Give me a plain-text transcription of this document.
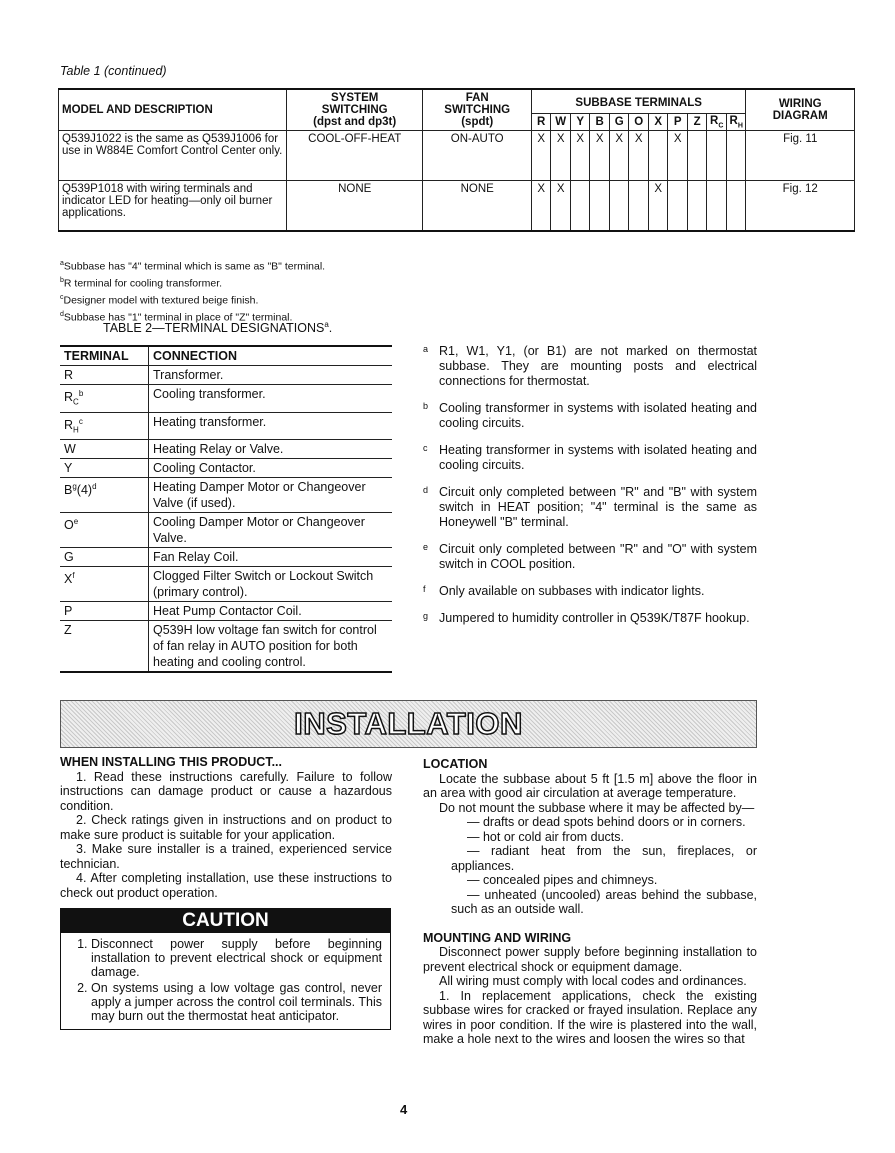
Table 1 (continued)
MODEL AND DESCRIPTION	SYSTEM
SWITCHING
(dpst and dp3t)	FAN
SWITCHING
(spdt)	SUBBASE TERMINALS											WIRING
DIAGRAM
			R	W	Y	B	G	O	X	P	Z	$R_C$	$R_H$
Q539J1022 is the same as Q539J1006 for use in W884E Comfort Control Center only.	COOL-OFF-HEAT	ON-AUTO	X	X	X	X	X	X		X				Fig. 11
Q539P1018 with wiring terminals and indicator LED for heating—only oil burner applications.	NONE	NONE	X	X					X					Fig. 12
$^a$Subbase has "4" terminal which is same as "B" terminal.
$^b$R terminal for cooling transformer.
$^c$Designer model with textured beige finish.
$^d$Subbase has "1" terminal in place of "Z" terminal.
TABLE 2—TERMINAL DESIGNATIONS$^a$.
TERMINAL	CONNECTION
R	Transformer.
$R_C^b$	Cooling transformer.
$R_H^c$	Heating transformer.
W	Heating Relay or Valve.
Y	Cooling Contactor.
$B^g(4)^d$	Heating Damper Motor or Changeover Valve (if used).
$O^e$	Cooling Damper Motor or Changeover Valve.
G	Fan Relay Coil.
$X^f$	Clogged Filter Switch or Lockout Switch (primary control).
P	Heat Pump Contactor Coil.
Z	Q539H low voltage fan switch for control of fan relay in AUTO position for both heating and cooling control.
a R1, W1, Y1, (or B1) are not marked on thermostat subbase. They are mounting posts and electrical connections for thermostat.
b Cooling transformer in systems with isolated heating and cooling circuits.
c Heating transformer in systems with isolated heating and cooling circuits.
d Circuit only completed between "R" and "B" with system switch in HEAT position; "4" terminal is the same as Honeywell "B" terminal.
e Circuit only completed between "R" and "O" with system switch in COOL position.
f Only available on subbases with indicator lights.
g Jumpered to humidity controller in Q539K/T87F hookup.
INSTALLATION
WHEN INSTALLING THIS PRODUCT...

1. Read these instructions carefully. Failure to follow instructions can damage product or cause a hazardous condition.

2. Check ratings given in instructions and on product to make sure product is suitable for your application.

3. Make sure installer is a trained, experienced service technician.

4. After completing installation, use these instructions to check out product operation.

CAUTION
1. Disconnect power supply before beginning installation to prevent electrical shock or equipment damage.
2. On systems using a low voltage gas control, never apply a jumper across the control coil terminals. This may burn out the thermostat heat anticipator.
LOCATION

Locate the subbase about 5 ft [1.5 m] above the floor in an area with good air circulation at average temperature.

Do not mount the subbase where it may be affected by—

— drafts or dead spots behind doors or in corners.

— hot or cold air from ducts.

— radiant heat from the sun, fireplaces, or appliances.

— concealed pipes and chimneys.

— unheated (uncooled) areas behind the subbase, such as an outside wall.

MOUNTING AND WIRING

Disconnect power supply before beginning installation to prevent electrical shock or equipment damage.

All wiring must comply with local codes and ordinances.

1. In replacement applications, check the existing subbase wires for cracked or frayed insulation. Replace any wires in poor condition. If the wire is plastered into the wall, make a hole next to the wires and loosen the wires so that

4
